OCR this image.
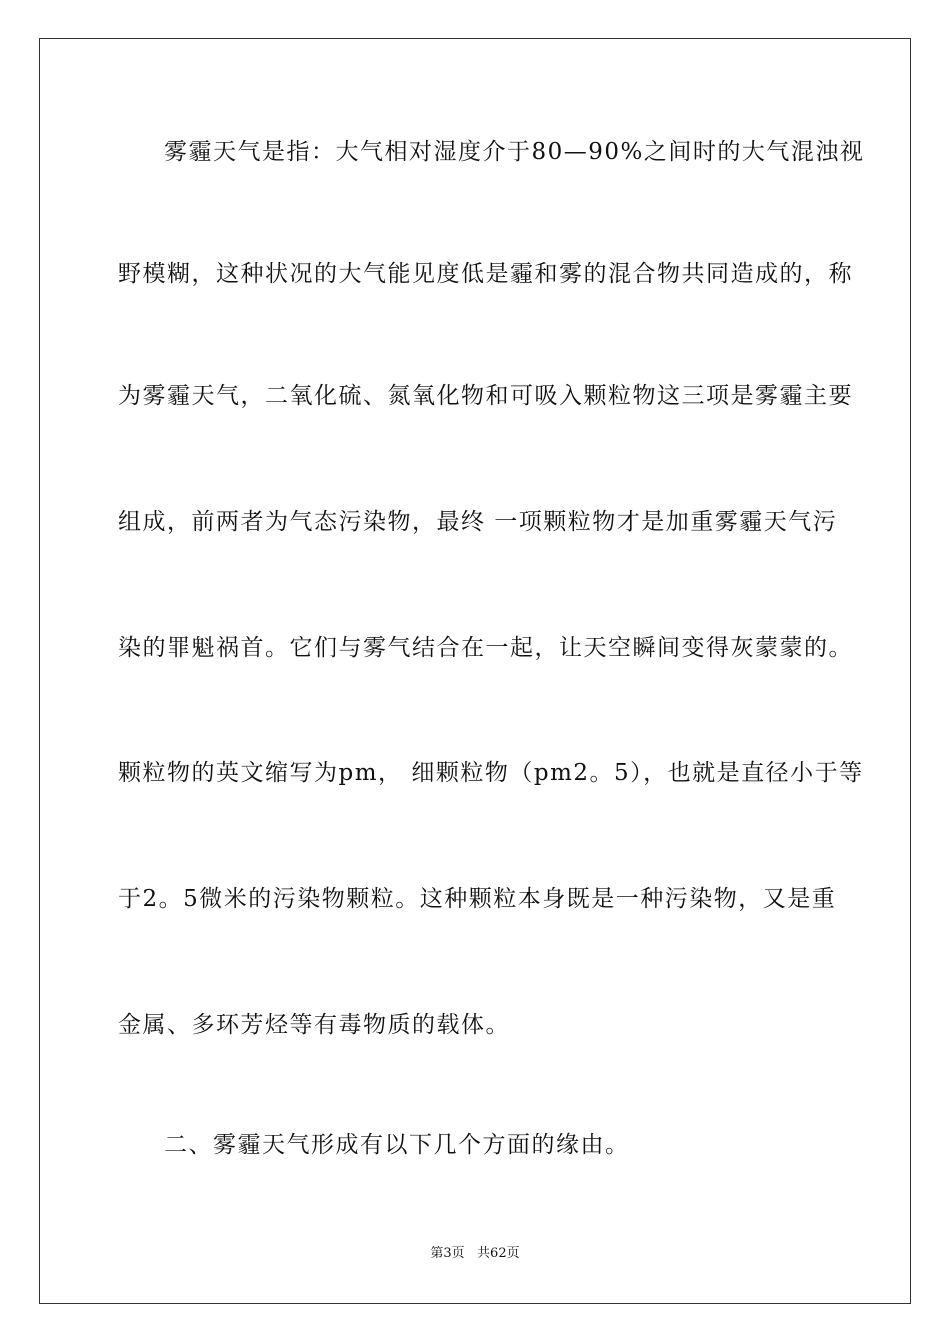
雾霾天气是指：大气相对湿度介于80—90%之间时的大气混浊视
野模糊，这种状况的大气能见度低是霾和雾的混合物共同造成的，称
为雾霾天气，二氧化硫、氮氧化物和可吸入颗粒物这三项是雾霾主要
组成，前两者为气态污染物，最终 一项颗粒物才是加重雾霾天气污
染的罪魁祸首。它们与雾气结合在一起，让天空瞬间变得灰蒙蒙的。
颗粒物的英文缩写为pm， 细颗粒物（pm2。5），也就是直径小于等
于2。5微米的污染物颗粒。这种颗粒本身既是一种污染物，又是重
金属、多环芳烃等有毒物质的载体。
二、雾霾天气形成有以下几个方面的缘由。
第3页   共62页
